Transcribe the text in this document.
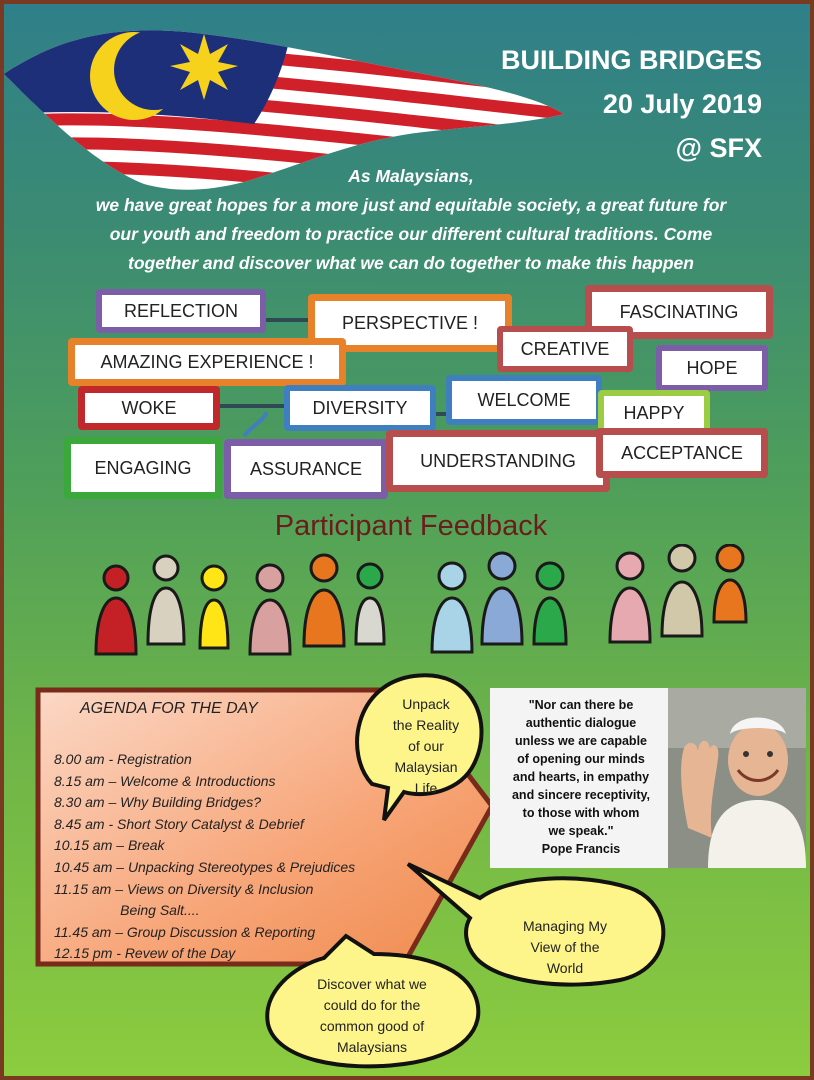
BUILDING BRIDGES
20 July 2019
@ SFX
As Malaysians,
we have great hopes for a more just and equitable society, a great future for
our youth and freedom to practice our different cultural traditions. Come
together and discover what we can do together to make this happen
REFLECTION
PERSPECTIVE !
FASCINATING
CREATIVE
AMAZING EXPERIENCE !	HOPE
WOKE	DIVERSITY	WELCOME
HAPPY
ENGAGING	ASSURANCE	UNDERSTANDING	ACCEPTANCE
Participant Feedback
AGENDA FOR THE DAY
8.00 am - Registration
8.15 am – Welcome & Introductions
8.30 am – Why Building Bridges?
8.45 am - Short Story Catalyst & Debrief
10.15 am – Break
10.45 am – Unpacking Stereotypes & Prejudices
11.15 am – Views on Diversity & Inclusion
Being Salt....
11.45 am – Group Discussion & Reporting
12.15 pm - Revew of the Day
Unpack
the Reality
of our
Malaysian
Life
Managing My
View of the
World
Discover what we
could do for the
common good of
Malaysians
"Nor can there be
authentic dialogue
unless we are capable
of opening our minds
and hearts, in empathy
and sincere receptivity,
to those with whom
we speak."
Pope Francis
